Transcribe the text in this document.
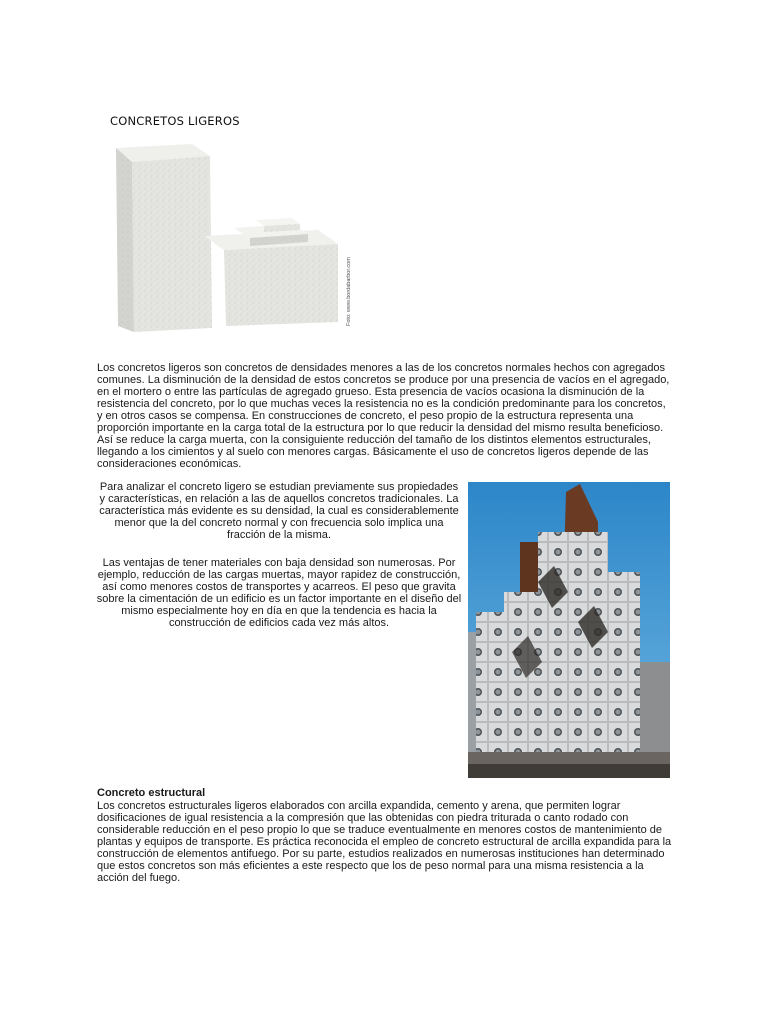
CONCRETOS LIGEROS
Foto: www.bordabarbor.com

Los concretos ligeros son concretos de densidades menores a las de los concretos normales hechos con agregados comunes. La disminución de la densidad de estos concretos se produce por una presencia de vacíos en el agregado, en el mortero o entre las partículas de agregado grueso. Esta presencia de vacíos ocasiona la disminución de la resistencia del concreto, por lo que muchas veces la resistencia no es la condición predominante para los concretos, y en otros casos se compensa. En construcciones de concreto, el peso propio de la estructura representa una proporción importante en la carga total de la estructura por lo que reducir la densidad del mismo resulta beneficioso. Así se reduce la carga muerta, con la consiguiente reducción del tamaño de los distintos elementos estructurales, llegando a los cimientos y al suelo con menores cargas. Básicamente el uso de concretos ligeros depende de las consideraciones económicas.

Para analizar el concreto ligero se estudian previamente sus propiedades y características, en relación a las de aquellos concretos tradicionales. La característica más evidente es su densidad, la cual es considerablemente menor que la del concreto normal y con frecuencia solo implica una fracción de la misma.

Las ventajas de tener materiales con baja densidad son numerosas. Por ejemplo, reducción de las cargas muertas, mayor rapidez de construcción, así como menores costos de transportes y acarreos. El peso que gravita sobre la cimentación de un edificio es un factor importante en el diseño del mismo especialmente hoy en día en que la tendencia es hacia la construcción de edificios cada vez más altos.

Concreto estructural

Los concretos estructurales ligeros elaborados con arcilla expandida, cemento y arena, que permiten lograr dosificaciones de igual resistencia a la compresión que las obtenidas con piedra triturada o canto rodado con considerable reducción en el peso propio lo que se traduce eventualmente en menores costos de mantenimiento de plantas y equipos de transporte. Es práctica reconocida el empleo de concreto estructural de arcilla expandida para la construcción de elementos antifuego. Por su parte, estudios realizados en numerosas instituciones han determinado que estos concretos son más eficientes a este respecto que los de peso normal para una misma resistencia a la acción del fuego.
